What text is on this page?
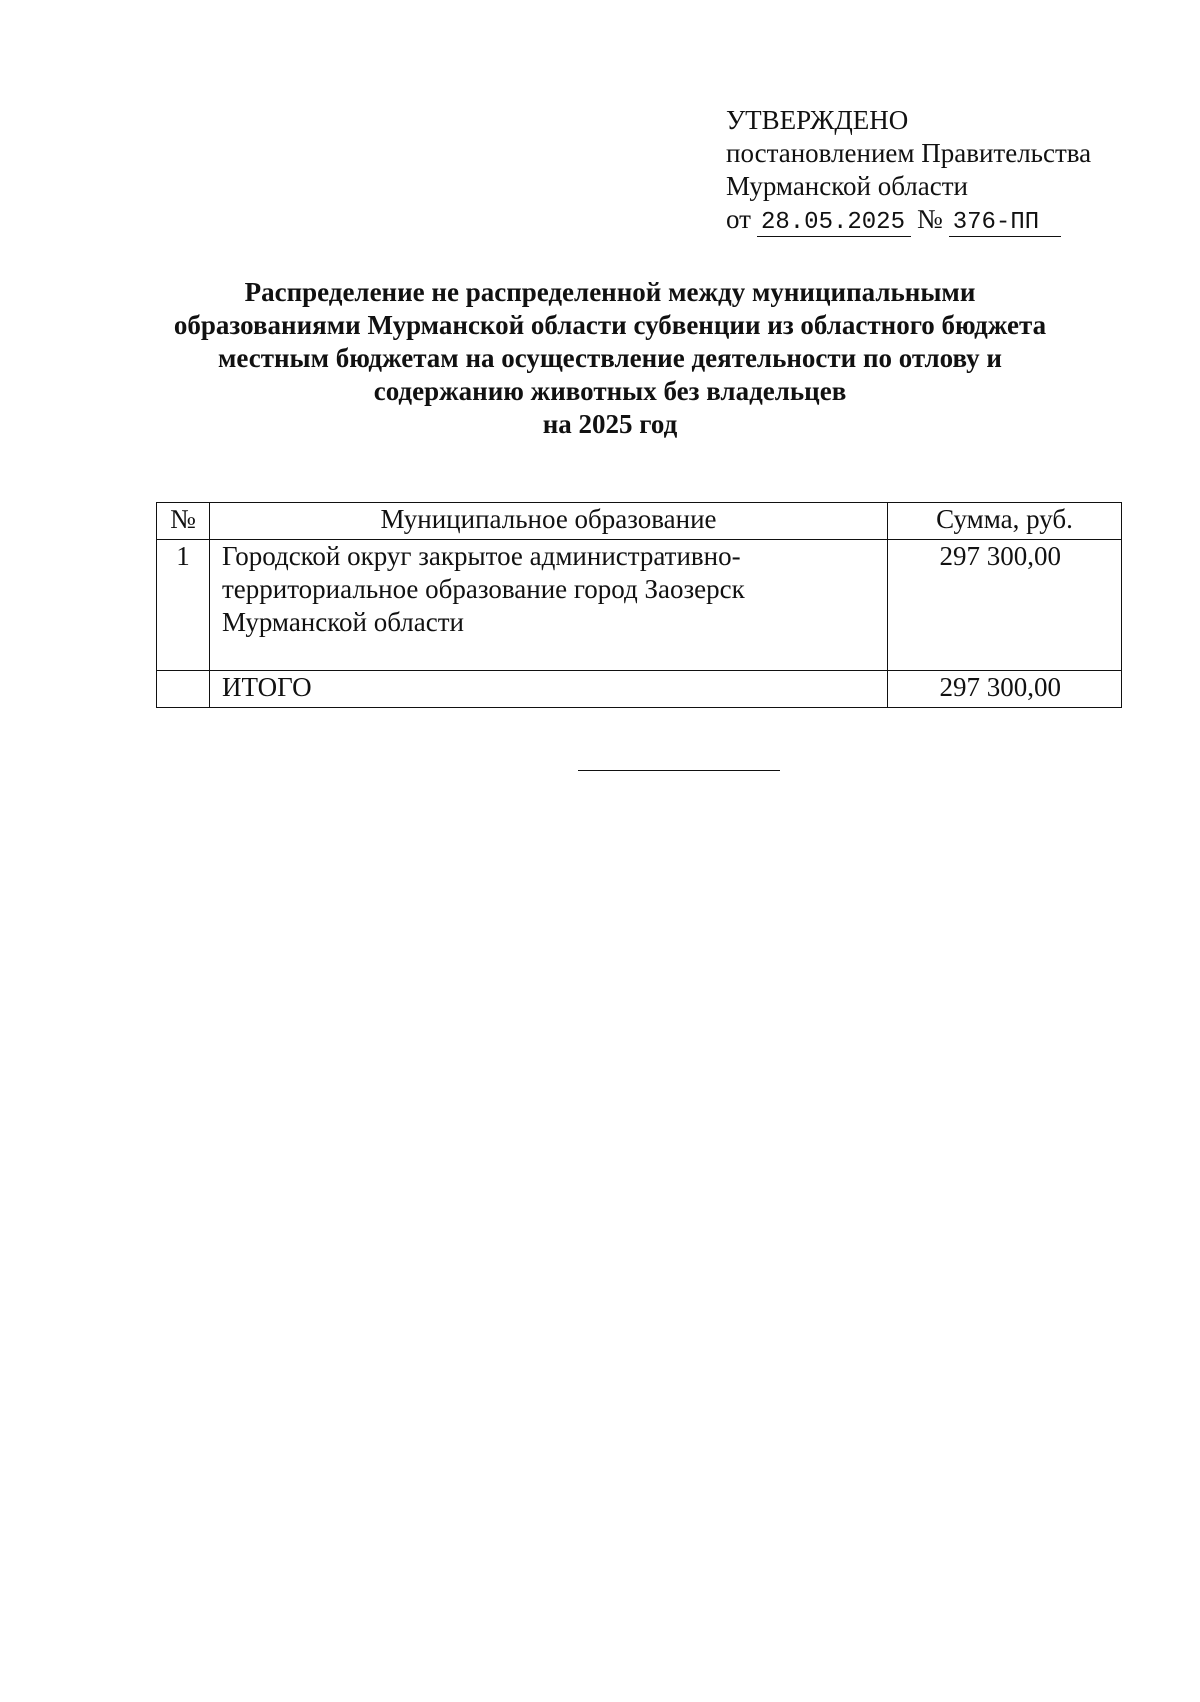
УТВЕРЖДЕНО
постановлением Правительства
Мурманской области
от 28.05.2025 № 376-ПП
Распределение не распределенной между муниципальными
образованиями Мурманской области субвенции из областного бюджета
местным бюджетам на осуществление деятельности по отлову и
содержанию животных без владельцев
на 2025 год
№	Муниципальное образование	Сумма, руб.
1	Городской округ закрытое административно-
территориальное образование город Заозерск
Мурманской области	297 300,00
	ИТОГО	297 300,00
